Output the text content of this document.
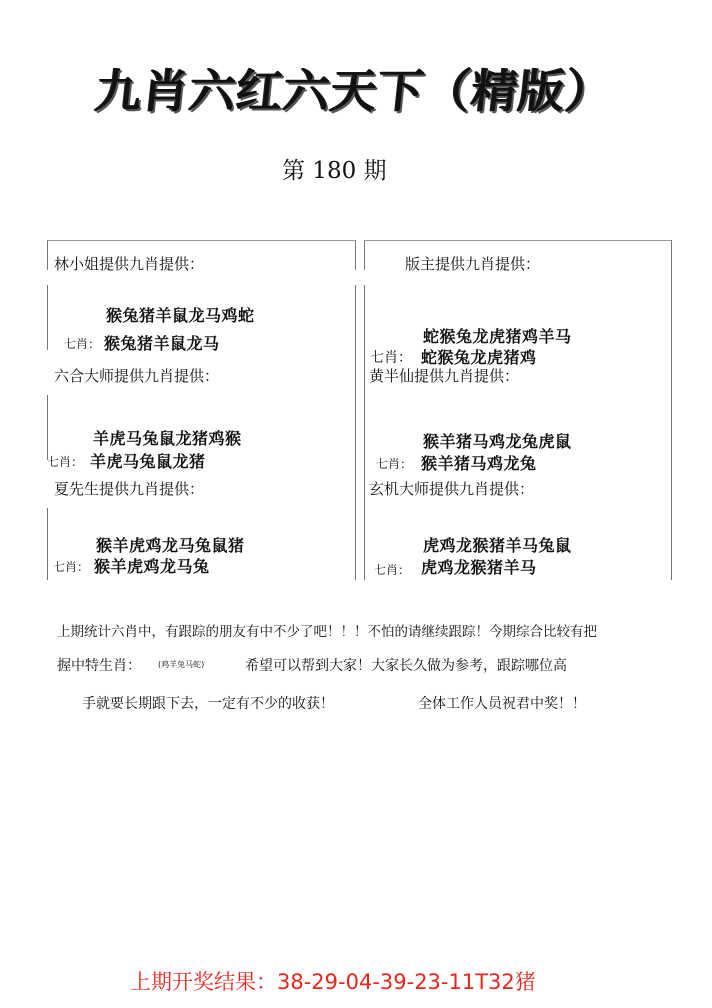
九肖六红六天下（精版）
第 180 期
林小姐提供九肖提供：
猴兔猪羊鼠龙马鸡蛇
七肖： 猴兔猪羊鼠龙马
版主提供九肖提供：
蛇猴兔龙虎猪鸡羊马
七肖： 蛇猴兔龙虎猪鸡
六合大师提供九肖提供：
羊虎马兔鼠龙猪鸡猴
七肖： 羊虎马兔鼠龙猪
黄半仙提供九肖提供：
猴羊猪马鸡龙兔虎鼠
七肖： 猴羊猪马鸡龙兔
夏先生提供九肖提供：
猴羊虎鸡龙马兔鼠猪
七肖： 猴羊虎鸡龙马兔
玄机大师提供九肖提供：
虎鸡龙猴猪羊马兔鼠
七肖： 虎鸡龙猴猪羊马
上期统计六肖中，有跟踪的朋友有中不少了吧！！！不怕的请继续跟踪！今期综合比较有把
握中特生肖： (鸡羊兔马蛇)	希望可以帮到大家！大家长久做为参考，跟踪哪位高
手就要长期跟下去，一定有不少的收获！	全体工作人员祝君中奖！！
上期开奖结果：38-29-04-39-23-11T32猪
